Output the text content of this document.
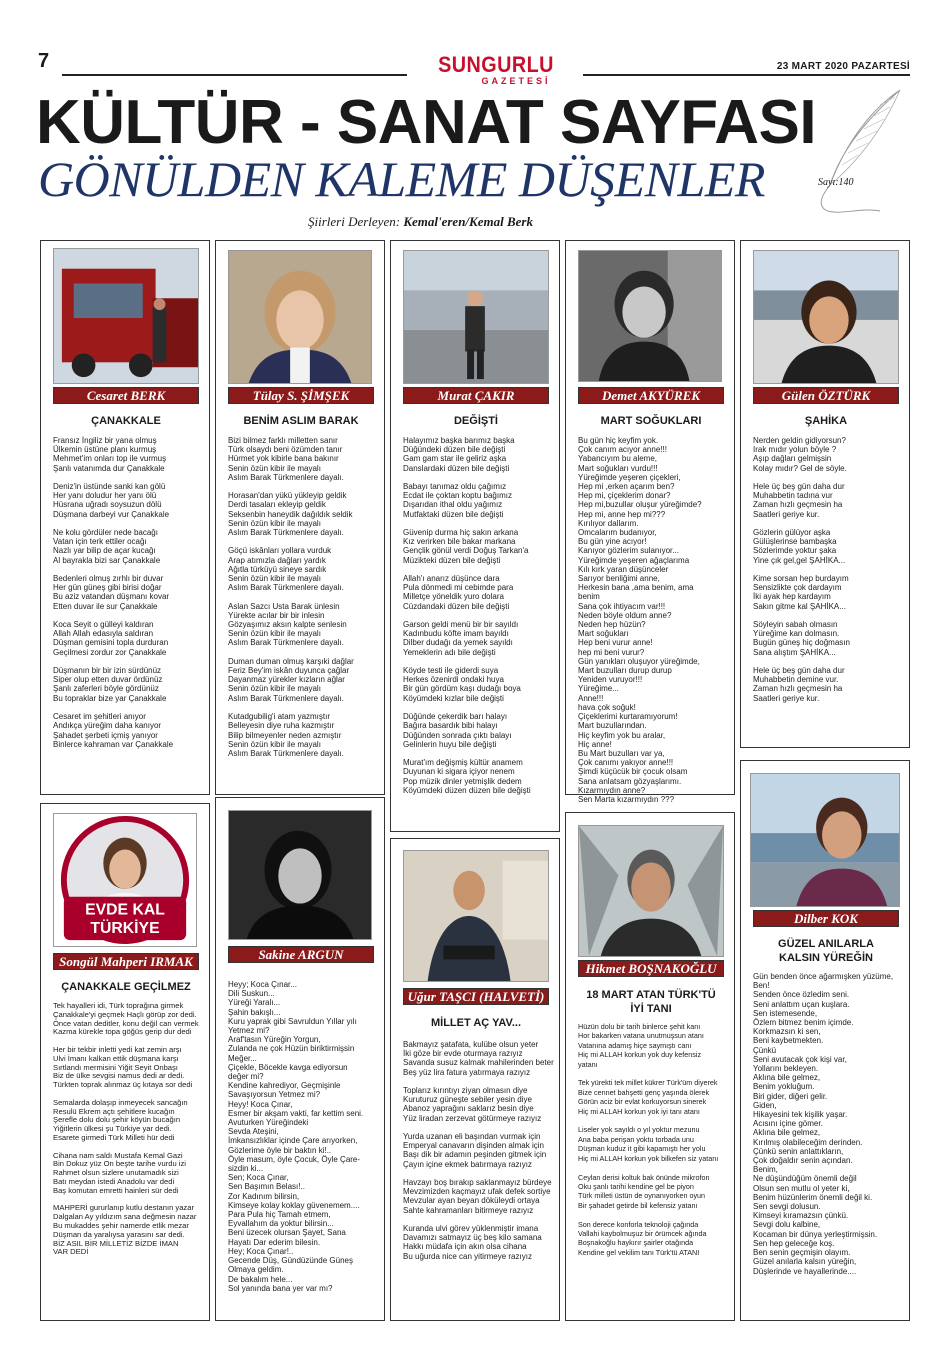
7	SUNGURLU
GAZETESİ
23 MART 2020 PAZARTESİ
KÜLTÜR - SANAT SAYFASI
GÖNÜLDEN KALEME DÜŞENLER	Sayı:140
Şiirleri Derleyen: Kemal'eren/Kemal Berk
Cesaret BERK
ÇANAKKALE
Fransız İngiliz bir yana olmuş
Ülkemin üstüne planı kurmuş
Mehmet'im onları top ile vurmuş
Şanlı vatanımda dur Çanakkale

Deniz'in üstünde sanki kan gölü
Her yanı doludur her yanı ölü
Hüsrana uğradı soysuzun dölü
Düşmana darbeyi vur Çanakkale

Ne kolu gördüler nede bacağı
Vatan için terk ettiler ocağı
Nazlı yar bilip de açar kucağı
Al bayrakla bizi sar Çanakkale

Bedenleri olmuş zırhlı bir duvar
Her gün güneş gibi birisi doğar
Bu aziz vatandan düşmanı kovar
Etten duvar ile sur Çanakkale

Koca Seyit o gülleyi kaldıran
Allah Allah edasıyla saldıran
Düşman gemisini topla durduran
Geçilmesi zordur zor Çanakkale

Düşmanın bir bir izin sürdünüz
Siper olup etten duvar ördünüz
Şanlı zaferleri böyle gördünüz
Bu topraklar bize yar Çanakkale

Cesaret im şehitleri anıyor
Andıkça yüreğim daha kanıyor
Şahadet şerbeti içmiş yanıyor
Binlerce kahraman var Çanakkale
Tülay S. ŞİMŞEK
BENİM ASLIM BARAK
Bizi bilmez farklı milletten sanır
Türk olsaydı beni özümden tanır
Hürmet yok kibirle bana bakınır
Senin özün kibir ile mayalı
Aslım Barak Türkmenlere dayalı.

Horasan'dan yükü yükleyip geldik
Derdi tasaları ekleyip geldik
Seksenbin haneydik dağıldık seldik
Senin özün kibir ile mayalı
Aslım Barak Türkmenlere dayalı.

Göçü iskânları yollara vurduk
Arap atımızla dağları yardık
Ağıtla türküyü sineye sardık
Senin özün kibir ile mayalı
Aslım Barak Türkmenlere dayalı.

Aslan Sazcı Usta Barak ünlesin
Yürekte acılar bir bir inlesin
Gözyaşımız aksın kalpte senlesin
Senin özün kibir ile mayalı
Aslım Barak Türkmenlere dayalı.

Duman duman olmuş karşıki dağlar
Feriz Bey'im iskân duyunca çağlar
Dayanmaz yürekler kızların ağlar
Senin özün kibir ile mayalı
Aslım Barak Türkmenlere dayalı.

Kutadgubilig'i atam yazmıştır
Belleyesin diye ruha kazmıştır
Bilip bilmeyenler neden azmıştır
Senin özün kibir ile mayalı
Aslım Barak Türkmenlere dayalı.
Murat ÇAKIR
DEĞİŞTİ
Halayımız başka barımız başka
Düğündeki düzen bile değişti
Gam gam star ile geliriz aşka
Danslardaki düzen bile değişti

Babayı tanımaz oldu çağımız
Ecdat ile çoktan koptu bağımız
Dışarıdan ithal oldu yağımız
Mutfaktaki düzen bile değişti

Güvenip durma hiç sakın arkana
Kız verirken bile bakar markana
Gençlik gönül verdi Doğuş Tarkan'a
Müzikteki düzen bile değişti

Allah'ı anarız düşünce dara
Pula dönmedi mi cebimde para
Milletçe yöneldik yuro dolara
Cüzdandaki düzen bile değişti

Garson geldi menü bir bir sayıldı
Kadınbudu köfte imam bayıldı
Dilber dudağı da yemek sayıldı
Yemeklerin adı bile değişti

Köyde testi ile giderdi suya
Herkes özenirdi ondaki huya
Bir gün gördüm kaşı dudağı boya
Köyümdeki kızlar bile değişti

Düğünde çekerdik barı halayı
Bağıra basardık bibi halayı
Düğünden sonrada çıktı balayı
Gelinlerin huyu bile değişti

Murat'ım değişmiş kültür anamem
Duyunan ki sigara içiyor nenem
Pop müzik dinler yetmişlik dedem
Köyümdeki düzen düzen bile değişti
Demet AKYÜREK
MART SOĞUKLARI
Bu gün hiç keyfim yok.
Çok canım acıyor anne!!!
Yabancıyım bu aleme,
Mart soğukları vurdu!!!
Yüreğimde yeşeren çiçekleri,
Hep mi ,erken açarım ben?
Hep mi, çiçeklerim donar?
Hep mi,buzullar oluşur yüreğimde?
Hep mi, anne hep mi???
Kırılıyor dallarım.
Omcalarım budanıyor,
Bu gün yine acıyor!
Kanıyor gözlerim sulanıyor...
Yüreğimde yeşeren ağaçlarıma
Kılı kırk yaran düşünceler
Sarıyor benliğimi anne,
Herkesin bana ,ama benim, ama
benim
Sana çok ihtiyacım var!!!
Neden böyle oldum anne?
Neden hep hüzün?
Mart soğukları
Hep beni vurur anne!
hep mi beni vurur?
Gün yanıkları oluşuyor yüreğimde,
Mart buzulları durup durup
Yeniden vuruyor!!!
Yüreğime...
Anne!!!
hava çok soğuk!
Çiçeklerimi kurtaramıyorum!
Mart buzullarından.
Hiç keyfim yok bu aralar,
Hiç anne!
Bu Mart buzulları var ya,
Çok canımı yakıyor anne!!!
Şimdi küçücük bir çocuk olsam
Sana anlatsam gözyaşlarımı.
Kızarmıydın anne?
Sen Marta kızarmıydın ???
Gülen ÖZTÜRK
ŞAHİKA
Nerden geldin gidiyorsun?
Irak mıdır yolun böyle ?
Aşıp dağları gelmişsin
Kolay mıdır? Gel de söyle.

Hele üç beş gün daha dur
Muhabbetin tadına vur
Zaman hızlı geçmesin ha
Saatleri geriye kur.

Gözlerin gülüyor aşka
Gülüşlerinse bambaşka
Sözlerimde yoktur şaka
Yine çık gel,gel ŞAHİKA...

Kime sorsan hep burdayım
Sensizlikte çok dardayım
İki ayak hep kardayım
Sakın gitme kal ŞAHİKA...

Söyleyin sabah olmasın
Yüreğime kan dolmasın.
Bugün güneş hiç doğmasın
Sana alıştım ŞAHİKA...

Hele üç beş gün daha dur
Muhabbetin demine vur.
Zaman hızlı geçmesin ha
Saatleri geriye kur.
EVDE KAL
TÜRKİYE
Songül Mahperi IRMAK
ÇANAKKALE GEÇİLMEZ
Tek hayalleri idi, Türk toprağına girmek
Çanakkale'yi geçmek Haçlı görüp zor dedi.
Önce vatan deditler, konu değil can vermek
Kazma kürekle topa göğüs gerip dur dedi

Her bir tekbir inletti yedi kat zemin arşı
Ulvi İmanı kalkan ettik düşmana karşı
Sırtlandı mermisini Yiğit Seyit Onbaşı
Biz de ülke sevgisi namus dedi ar dedi.
Türkten toprak alınmaz üç kıtaya sor dedi

Semalarda dolaşıp inmeyecek sancağın
Resulü Ekrem açtı şehitlere kucağın
Şerefle dolu dolu şehir köyün bucağın
Yiğitlerin ülkesi şu Türkiye yar dedi.
Esarete girmedi Türk Milleti hür dedi

Cihana nam saldı Mustafa Kemal Gazi
Bin Dokuz yüz On beşte tarihe vurdu izi
Rahmet olsun sizlere unutamadık sizi
Batı meydan istedi Anadolu var dedi
Baş komutan emretti hainleri sür dedi

MAHPERİ gururlanıp kutlu destanın yazar
Dalgalan Ay yıldızım sana değmesin nazar
Bu mukaddes şehir namerde etlik mezar
Düşman da yaralıysa yarasını sar dedi.
BİZ ASIL BİR MİLLETİZ BİZDE İMAN
VAR DEDİ
Sakine ARGUN
Heyy; Koca Çınar...
Dili Suskun...
Yüreği Yaralı...
Şahin bakışlı...
Kuru yaprak gibi Savruldun Yıllar yılı
Yetmez mi?
Araf'tasın Yüreğin Yorgun,
Zulanda ne çok Hüzün biriktirmişsin
Meğer...
Çiçekle, Böcekle kavga ediyorsun
değer mi?
Kendine kahrediyor, Geçmişinle
Savaşıyorsun Yetmez mi?
Heyy! Koca Çınar,
Esmer bir akşam vakti, far kettim seni.
Avuturken Yüreğindeki
Sevda Ateşini,
İmkansızlıklar içinde Çare arıyorken,
Gözlerime öyle bir baktın ki!..
Öyle masum, öyle Çocuk, Öyle Çare-
sizdin ki...
Sen; Koca Çınar,
Sen Başımın Belası!..
Zor Kadınım bilirsin,
Kimseye kolay koklay güvenemem....
Para Pula hiç Tamah etmem,
Eyvallahım da yoktur bilirsin...
Beni üzecek olursan Şayet, Sana
Hayatı Dar ederim bilesin.
Hey; Koca Çınar!..
Gecende Düş, Gündüzünde Güneş
Olmaya geldim.
De bakalım hele...
Sol yanında bana yer var mı?
Uğur TAŞCI (HALVETİ)
MİLLET AÇ YAV...
Bakmayız şatafata, kulübe olsun yeter
İki göze bir evde oturmaya razıyız
Savanda susuz kalmak mahilerinden beter
Beş yüz lira fatura yatırmaya razıyız

Toplarız kırıntıyı ziyan olmasın diye
Kuruturuz güneşte sebiler yesin diye
Abanoz yaprağını saklarız besin diye
Yüz liradan zerzevat götürmeye razıyız

Yurda uzanan eli başından vurmak için
Emperyal canavarın dişinden almak için
Başı dik bir adamın peşinden gitmek için
Çayın içine ekmek batırmaya razıyız

Havzayı boş bırakıp saklanmayız bürdeye
Mevzimizden kaçmayız ufak defek sortiye
Mevzular ayan beyan döküleydi ortaya
Sahte kahramanları bitirmeye razıyız

Kuranda ulvi görev yüklenmiştir imana
Davamızı satmayız üç beş kilo samana
Hakkı müdafa için akın olsa cihana
Bu uğurda nice can yitirmeye razıyız
Hikmet BOŞNAKOĞLU
18 MART ATAN TÜRK'TÜ İYİ TANI
Hüzün dolu bir tarih binlerce şehit kanı
Hor bakarken vatana unutmuşsun atanı
Vatanına adamış hiçe saymıştı canı
Hiç mi ALLAH korkun yok duy kefensiz
yatanı

Tek yürekti tek millet kükrer Türk'üm diyerek
Bize cennet bahşetti genç yaşında ölerek
Görün aciz bir evlat korkuyorsun sinerek
Hiç mi ALLAH korkun yok iyi tanı atanı

Liseler yok sayıldı o yıl yoktur mezunu
Ana baba perişan yoktu torbada unu
Düşman kuduz it gibi kapamıştı her yolu
Hiç mi ALLAH korkun yok bilkefen siz yatanı

Ceylan derisi koltuk bak önünde mikrofon
Oku şanlı tarihi kendine gel be piyon
Türk milleti üstün de oynanıyorken oyun
Bir şahadet getirde bil kefensiz yatanı

Son derece konforla teknoloji çağında
Vallahi kaybolmuşuz bir örümcek ağında
Boşnakoğlu haykırır şairler otağında
Kendine gel vekilim tanı Türk'tü ATANI
Dilber KOK
GÜZEL ANILARLA KALSIN YÜREĞİN
Gün benden önce ağarmışken yüzüme,
Ben!
Senden önce özledim seni.
Seni anlattım uçan kuşlara.
Sen istemesende,
Özlem bitmez benim içimde.
Korkmazsın ki sen,
Beni kaybetmekten.
Çünkü
Seni avutacak çok kişi var,
Yollarını bekleyen.
Aklına bile gelmez,
Benim yokluğum.
Biri gider, diğeri gelir.
Giden,
Hikayesini tek kişilik yaşar.
Acısını içine gömer.
Aklına bile gelmez,
Kırılmış olabileceğim derinden.
Çünkü senin anlattıkların,
Çok doğaldır senin açından.
Benim,
Ne düşündüğüm önemli değil
Olsun sen mutlu ol yeter ki,
Benim hüzünlerim önemli değil ki.
Sen sevgi dolusun.
Kimseyi kıramazsın çünkü.
Sevgi dolu kalbine,
Kocaman bir dünya yerleştirmişsin.
Sen hep geleceğe koş.
Ben senin geçmişin olayım.
Güzel anılarla kalsın yüreğin,
Düşlerinde ve hayallerinde....
